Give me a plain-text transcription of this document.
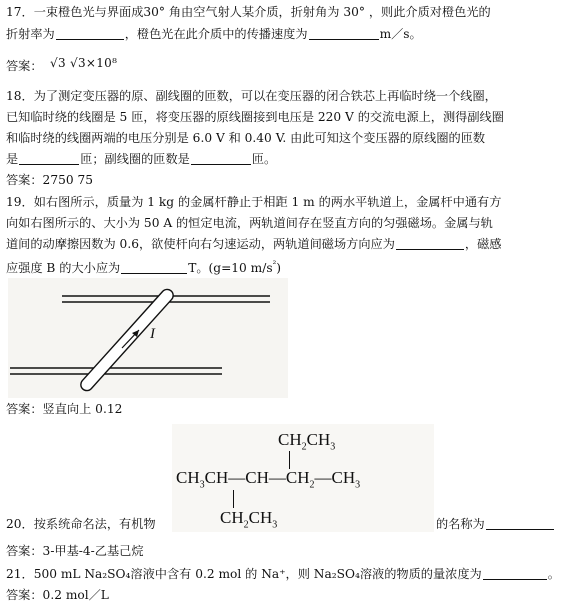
17．一束橙色光与界面成30° 角由空气射人某介质，折射角为 30° ，则此介质对橙色光的
折射率为	，橙色光在此介质中的传播速度为	m／s。
答案： √3 √3×10⁸
18．为了测定变压器的原、副线圈的匝数，可以在变压器的闭合铁芯上再临时绕一个线圈，
已知临时绕的线圈是 5 匝，将变压器的原线圈接到电压是 220 V 的交流电源上，测得副线圈
和临时绕的线圈两端的电压分别是 6.0 V 和 0.40 V. 由此可知这个变压器的原线圈的匝数
是	匝；副线圈的匝数是	匝。
答案：2750 75
19．如右图所示，质量为 1 kg 的金属杆静止于相距 1 m 的两水平轨道上，金属杆中通有方
向如右图所示的、大小为 50 A 的恒定电流，两轨道间存在竖直方向的匀强磁场。金属与轨
道间的动摩擦因数为 0.6，欲使杆向右匀速运动，两轨道间磁场方向应为	，磁感
应强度 B 的大小应为	T。(g=10 $m/s^{^2}$)
I
答案：竖直向上 0.12
$CH_2CH_3$
$CH_3CH—CH—CH_2—CH_3$
$CH_2CH_3$
20．按系统命名法，有机物	的名称为
答案：3-甲基-4-乙基己烷
21．500 mL Na₂SO₄溶液中含有 0.2 mol 的 Na⁺，则 Na₂SO₄溶液的物质的量浓度为	。
答案：0.2 mol／L
